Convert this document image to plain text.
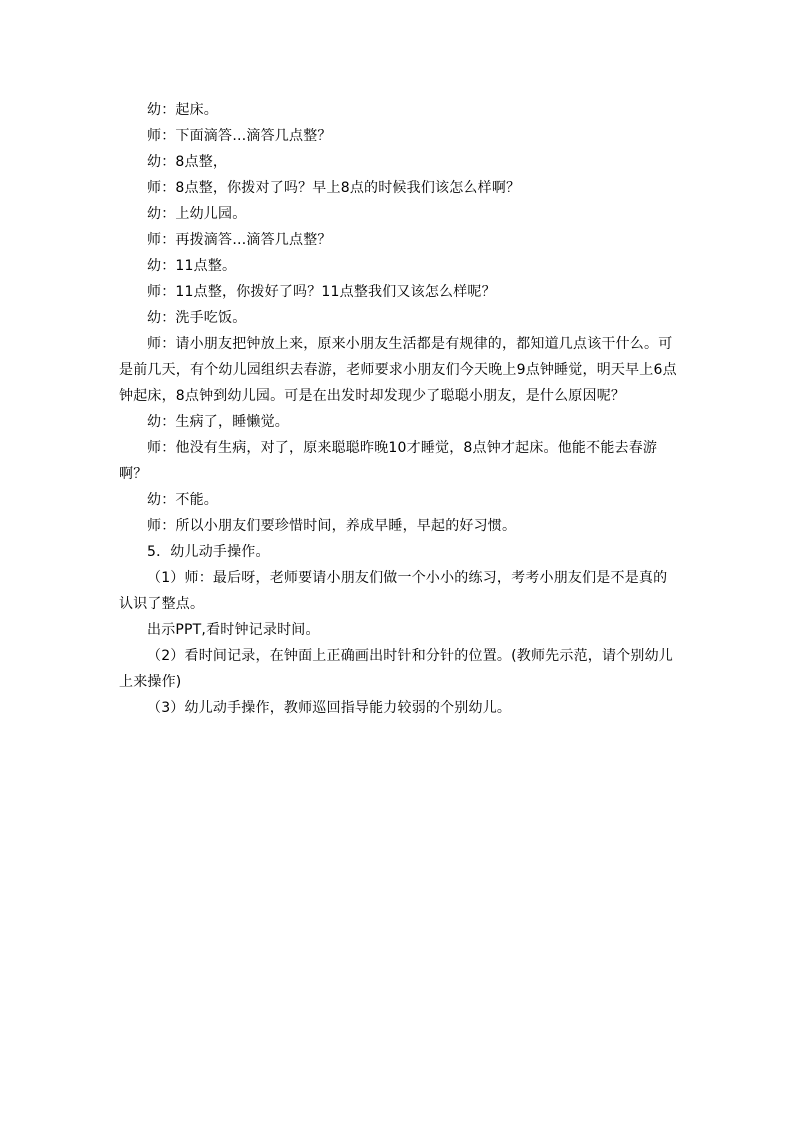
幼：起床。

师：下面滴答…滴答几点整？

幼：8点整，

师：8点整，你拨对了吗？早上8点的时候我们该怎么样啊？

幼：上幼儿园。

师：再拨滴答…滴答几点整？

幼：11点整。

师：11点整，你拨好了吗？11点整我们又该怎么样呢？

幼：洗手吃饭。

师：请小朋友把钟放上来，原来小朋友生活都是有规律的，都知道几点该干什么。可是前几天，有个幼儿园组织去春游，老师要求小朋友们今天晚上9点钟睡觉，明天早上6点钟起床，8点钟到幼儿园。可是在出发时却发现少了聪聪小朋友，是什么原因呢？

幼：生病了，睡懒觉。

师：他没有生病，对了，原来聪聪昨晚10才睡觉，8点钟才起床。他能不能去春游啊？

幼：不能。

师：所以小朋友们要珍惜时间，养成早睡，早起的好习惯。

5．幼儿动手操作。

（1）师：最后呀，老师要请小朋友们做一个小小的练习，考考小朋友们是不是真的认识了整点。

出示PPT,看时钟记录时间。

（2）看时间记录，在钟面上正确画出时针和分针的位置。(教师先示范，请个别幼儿上来操作)

（3）幼儿动手操作，教师巡回指导能力较弱的个别幼儿。
